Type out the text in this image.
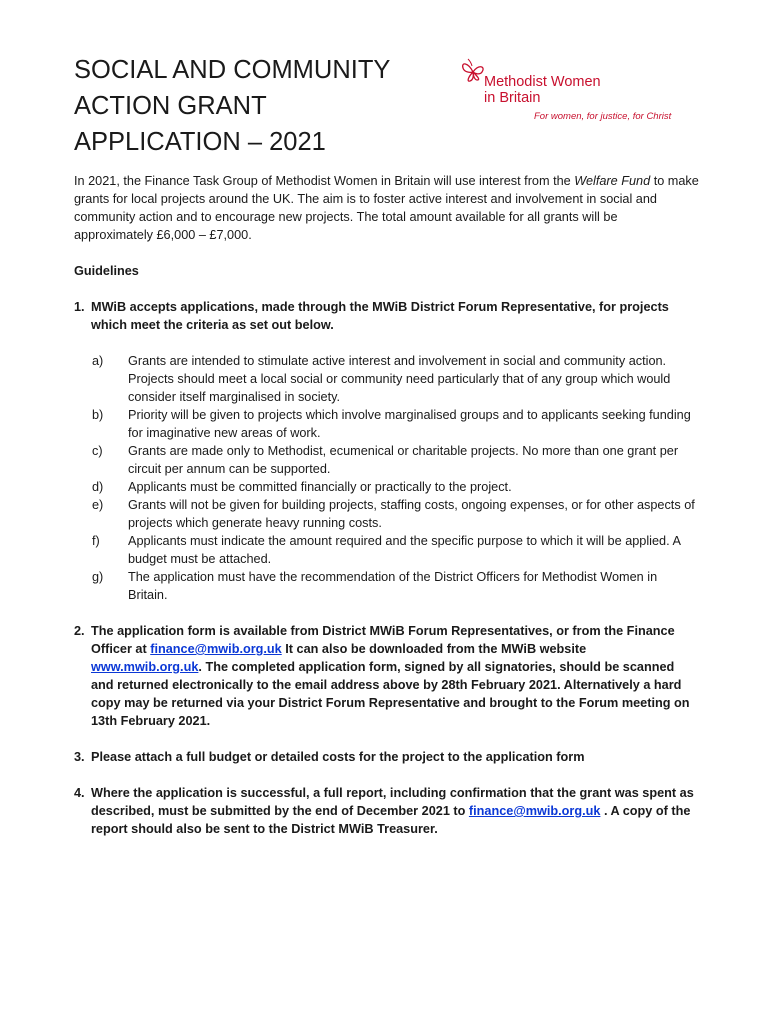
SOCIAL AND COMMUNITY
ACTION GRANT
APPLICATION – 2021
Methodist Women
in Britain
For women, for justice, for Christ

In 2021, the Finance Task Group of Methodist Women in Britain will use interest from the Welfare Fund to make grants for local projects around the UK. The aim is to foster active interest and involvement in social and community action and to encourage new projects. The total amount available for all grants will be approximately £6,000 – £7,000.

Guidelines

1. MWiB accepts applications, made through the MWiB District Forum Representative, for projects which meet the criteria as set out below.
a)	Grants are intended to stimulate active interest and involvement in social and community action. Projects should meet a local social or community need particularly that of any group which would consider itself marginalised in society.
b)	Priority will be given to projects which involve marginalised groups and to applicants seeking funding for imaginative new areas of work.
c)	Grants are made only to Methodist, ecumenical or charitable projects. No more than one grant per circuit per annum can be supported.
d)	Applicants must be committed financially or practically to the project.
e)	Grants will not be given for building projects, staffing costs, ongoing expenses, or for other aspects of projects which generate heavy running costs.
f)	Applicants must indicate the amount required and the specific purpose to which it will be applied. A budget must be attached.
g)	The application must have the recommendation of the District Officers for Methodist Women in Britain.
2. The application form is available from District MWiB Forum Representatives, or from the Finance Officer at finance@mwib.org.uk It can also be downloaded from the MWiB website www.mwib.org.uk. The completed application form, signed by all signatories, should be scanned and returned electronically to the email address above by 28th February 2021. Alternatively a hard copy may be returned via your District Forum Representative and brought to the Forum meeting on 13th February 2021.
3. Please attach a full budget or detailed costs for the project to the application form
4. Where the application is successful, a full report, including confirmation that the grant was spent as described, must be submitted by the end of December 2021 to finance@mwib.org.uk . A copy of the report should also be sent to the District MWiB Treasurer.
